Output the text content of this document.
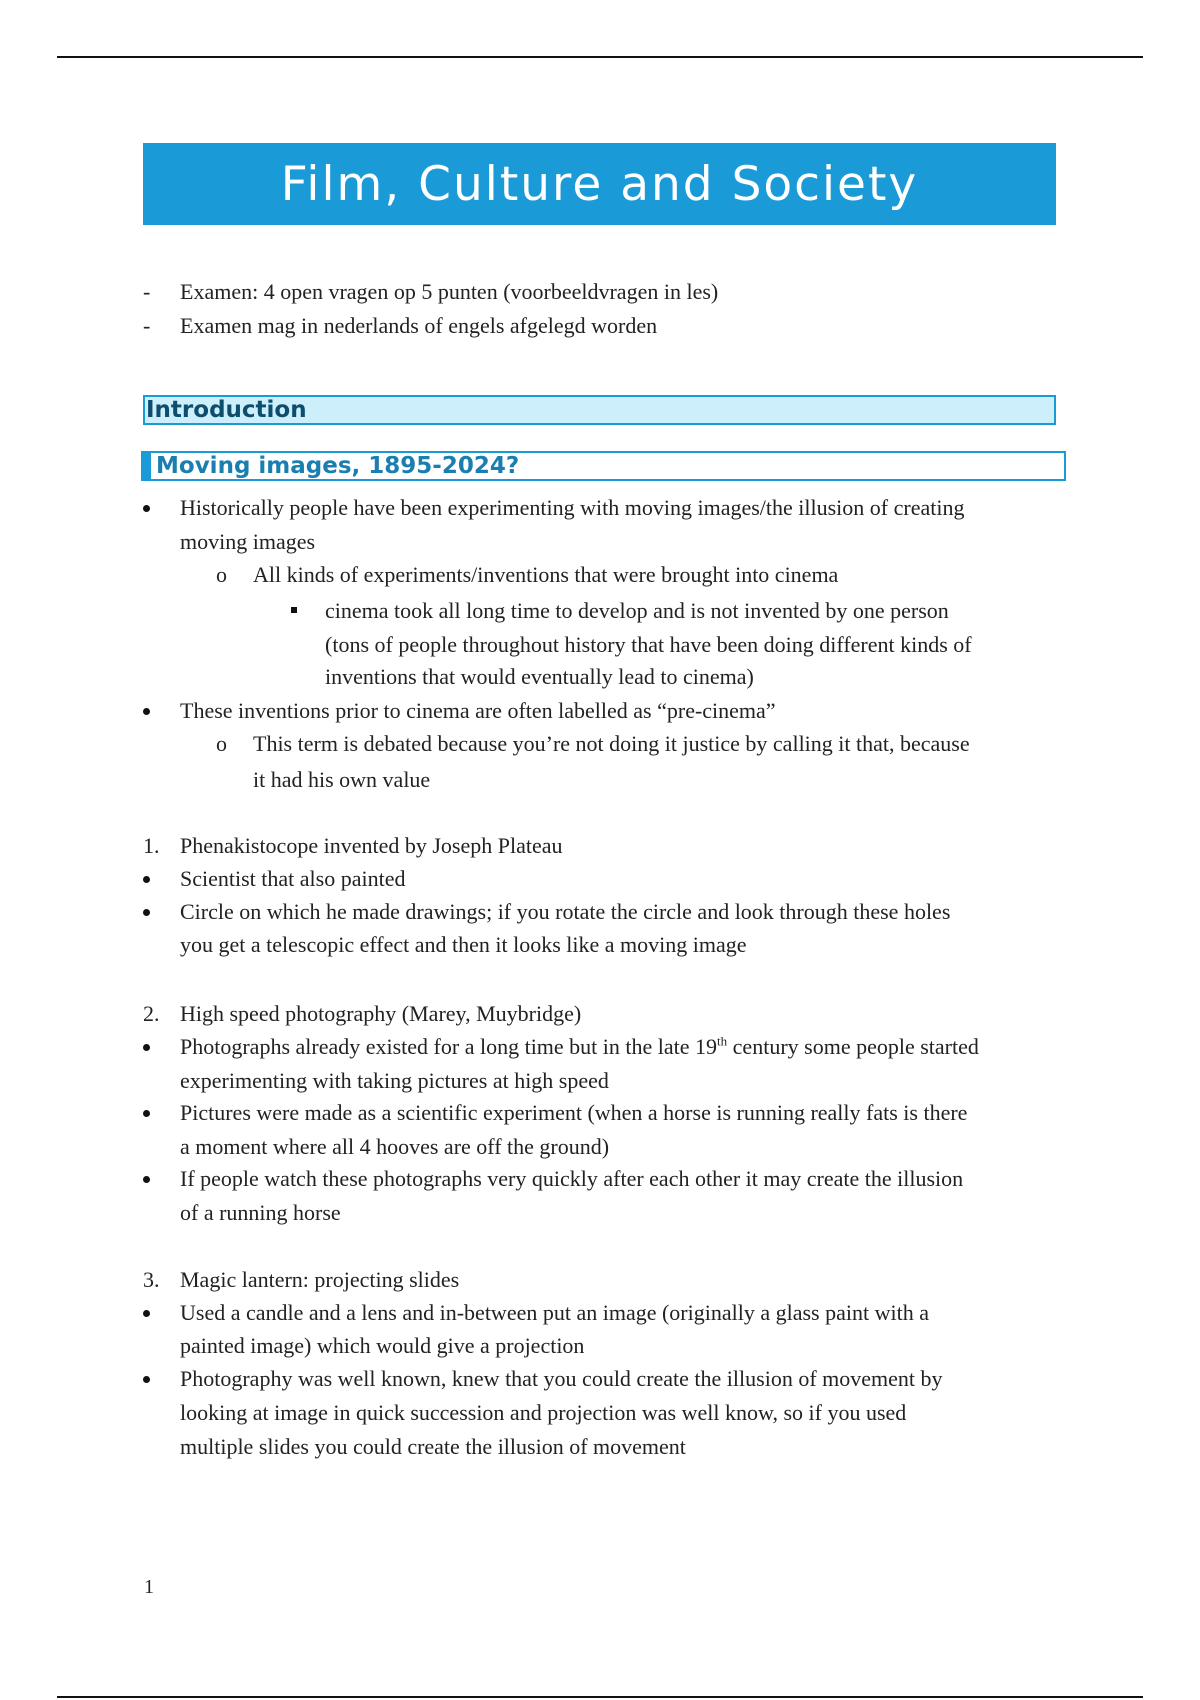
Film, Culture and Society
- Examen: 4 open vragen op 5 punten (voorbeeldvragen in les)
- Examen mag in nederlands of engels afgelegd worden
Introduction
Moving images, 1895-2024?
Historically people have been experimenting with moving images/the illusion of creating
moving images
o All kinds of experiments/inventions that were brought into cinema
cinema took all long time to develop and is not invented by one person
(tons of people throughout history that have been doing different kinds of
inventions that would eventually lead to cinema)
These inventions prior to cinema are often labelled as “pre-cinema”
o This term is debated because you’re not doing it justice by calling it that, because
it had his own value
1. Phenakistocope invented by Joseph Plateau
Scientist that also painted
Circle on which he made drawings; if you rotate the circle and look through these holes
you get a telescopic effect and then it looks like a moving image
2. High speed photography (Marey, Muybridge)
Photographs already existed for a long time but in the late 19th century some people started
experimenting with taking pictures at high speed
Pictures were made as a scientific experiment (when a horse is running really fats is there
a moment where all 4 hooves are off the ground)
If people watch these photographs very quickly after each other it may create the illusion
of a running horse
3. Magic lantern: projecting slides
Used a candle and a lens and in-between put an image (originally a glass paint with a
painted image) which would give a projection
Photography was well known, knew that you could create the illusion of movement by
looking at image in quick succession and projection was well know, so if you used
multiple slides you could create the illusion of movement
1
